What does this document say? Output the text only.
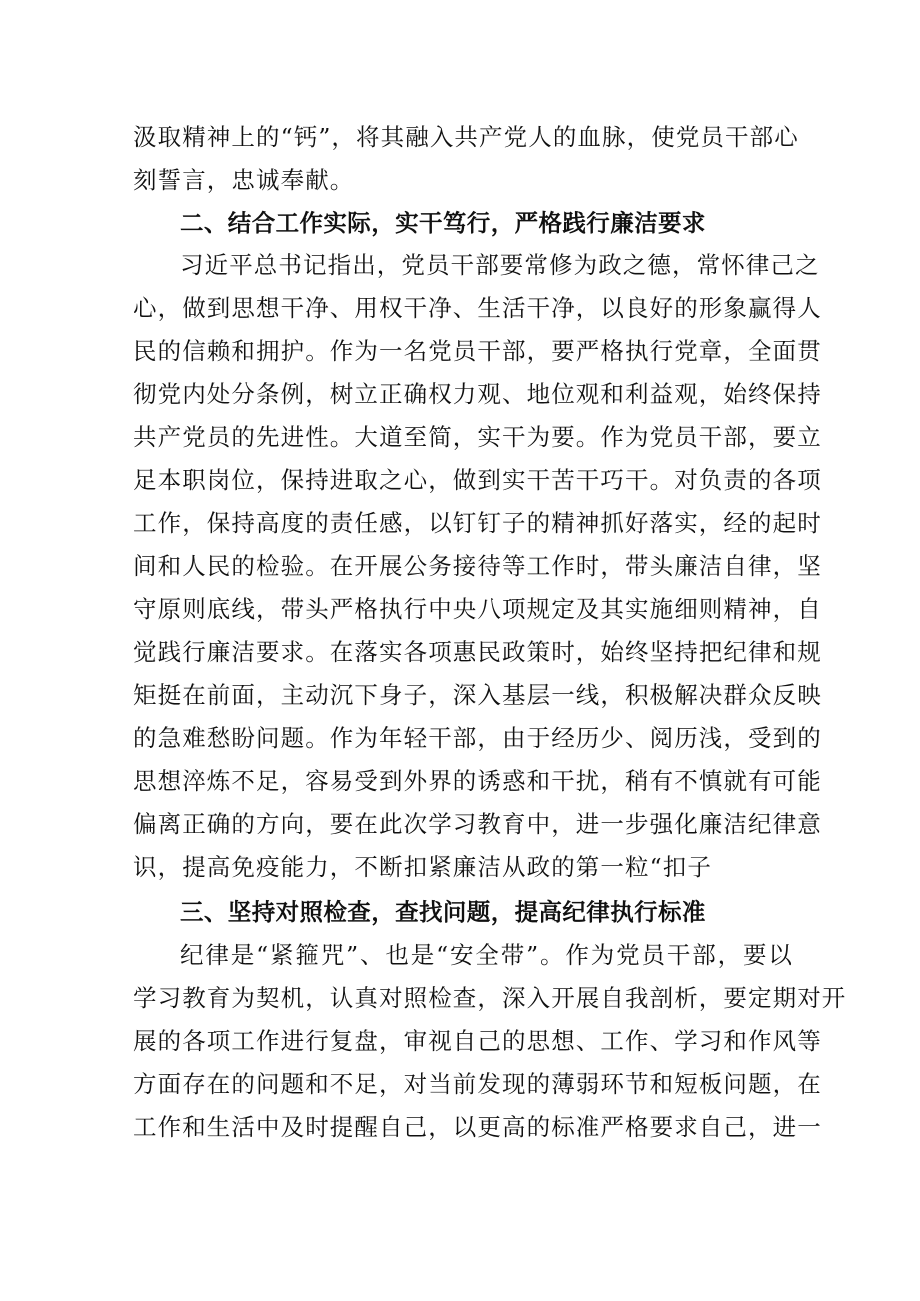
汲取精神上的“钙”，将其融入共产党人的血脉，使党员干部心

刻誓言，忠诚奉献。

二、结合工作实际，实干笃行，严格践行廉洁要求

习近平总书记指出，党员干部要常修为政之德，常怀律己之

心，做到思想干净、用权干净、生活干净，以良好的形象赢得人

民的信赖和拥护。作为一名党员干部，要严格执行党章，全面贯

彻党内处分条例，树立正确权力观、地位观和利益观，始终保持

共产党员的先进性。大道至简，实干为要。作为党员干部，要立

足本职岗位，保持进取之心，做到实干苦干巧干。对负责的各项

工作，保持高度的责任感，以钉钉子的精神抓好落实，经的起时

间和人民的检验。在开展公务接待等工作时，带头廉洁自律，坚

守原则底线，带头严格执行中央八项规定及其实施细则精神，自

觉践行廉洁要求。在落实各项惠民政策时，始终坚持把纪律和规

矩挺在前面，主动沉下身子，深入基层一线，积极解决群众反映

的急难愁盼问题。作为年轻干部，由于经历少、阅历浅，受到的

思想淬炼不足，容易受到外界的诱惑和干扰，稍有不慎就有可能

偏离正确的方向，要在此次学习教育中，进一步强化廉洁纪律意

识，提高免疫能力，不断扣紧廉洁从政的第一粒“扣子

三、坚持对照检查，查找问题，提高纪律执行标准

纪律是“紧箍咒”、也是“安全带”。作为党员干部，要以

学习教育为契机，认真对照检查，深入开展自我剖析，要定期对开

展的各项工作进行复盘，审视自己的思想、工作、学习和作风等

方面存在的问题和不足，对当前发现的薄弱环节和短板问题，在

工作和生活中及时提醒自己，以更高的标准严格要求自己，进一
